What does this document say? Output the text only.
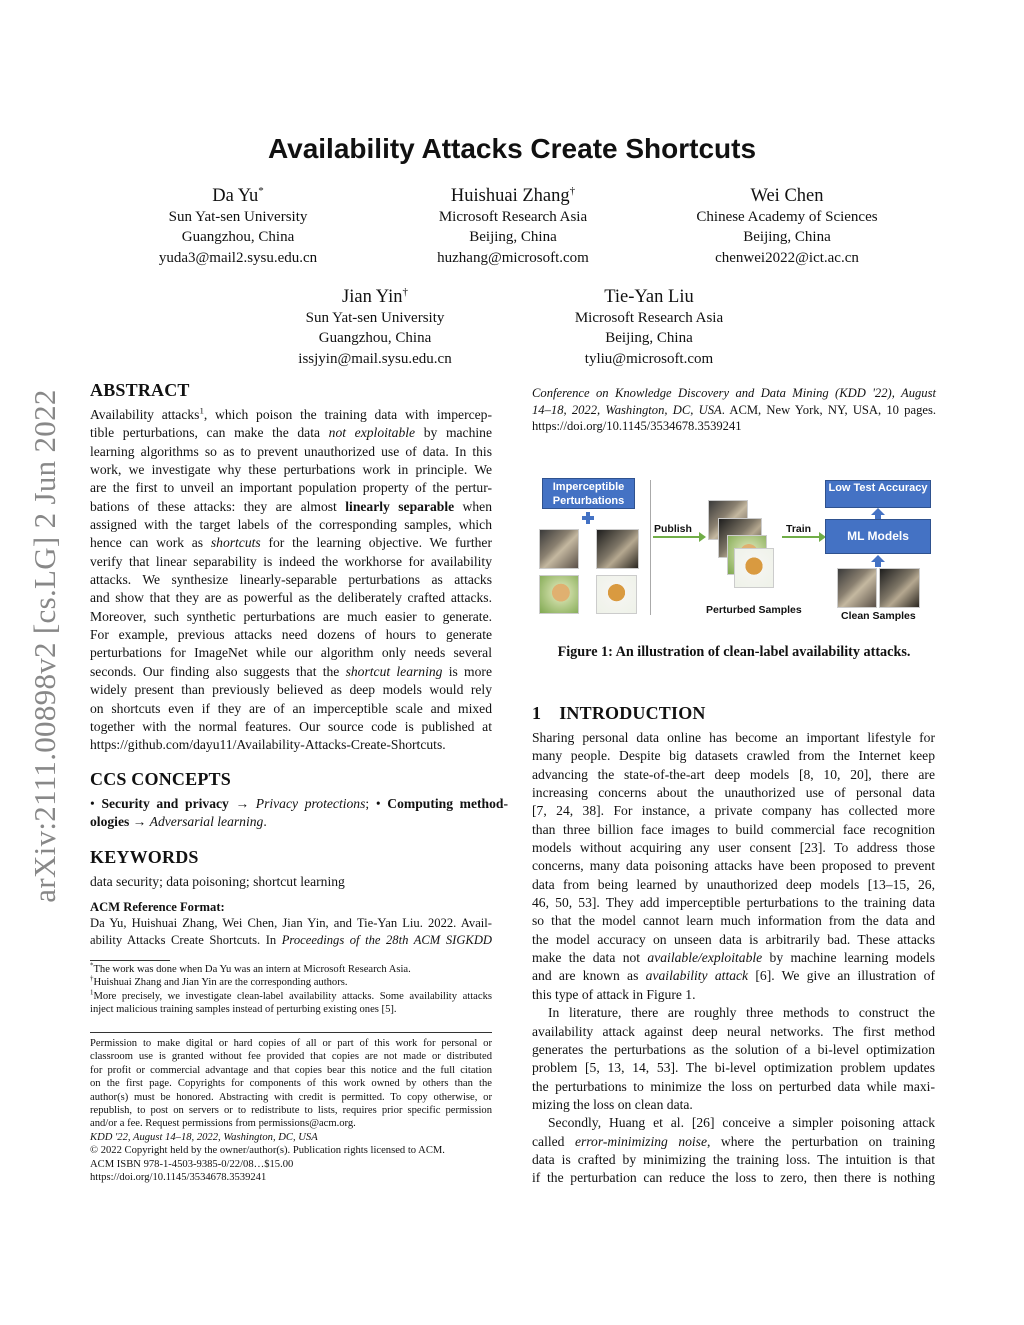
Availability Attacks Create Shortcuts
arXiv:2111.00898v2 [cs.LG] 2 Jun 2022
Da Yu*
Sun Yat-sen University
Guangzhou, China
yuda3@mail2.sysu.edu.cn
Huishuai Zhang†
Microsoft Research Asia
Beijing, China
huzhang@microsoft.com
Wei Chen
Chinese Academy of Sciences
Beijing, China
chenwei2022@ict.ac.cn
Jian Yin†
Sun Yat-sen University
Guangzhou, China
issjyin@mail.sysu.edu.cn
Tie-Yan Liu
Microsoft Research Asia
Beijing, China
tyliu@microsoft.com
ABSTRACT
Availability attacks$^1$, which poison the training data with impercep-
tible perturbations, can make the data not exploitable by machine
learning algorithms so as to prevent unauthorized use of data. In this
work, we investigate why these perturbations work in principle. We
are the first to unveil an important population property of the pertur-
bations of these attacks: they are almost linearly separable when
assigned with the target labels of the corresponding samples, which
hence can work as shortcuts for the learning objective. We further
verify that linear separability is indeed the workhorse for availability
attacks. We synthesize linearly-separable perturbations as attacks
and show that they are as powerful as the deliberately crafted attacks.
Moreover, such synthetic perturbations are much easier to generate.
For example, previous attacks need dozens of hours to generate
perturbations for ImageNet while our algorithm only needs several
seconds. Our finding also suggests that the shortcut learning is more
widely present than previously believed as deep models would rely
on shortcuts even if they are of an imperceptible scale and mixed
together with the normal features. Our source code is published at
https://github.com/dayu11/Availability-Attacks-Create-Shortcuts.
CCS CONCEPTS
• Security and privacy → Privacy protections; • Computing method-
ologies → Adversarial learning.
KEYWORDS
data security; data poisoning; shortcut learning
ACM Reference Format:
Da Yu, Huishuai Zhang, Wei Chen, Jian Yin, and Tie-Yan Liu. 2022. Avail-
ability Attacks Create Shortcuts. In Proceedings of the 28th ACM SIGKDD
*The work was done when Da Yu was an intern at Microsoft Research Asia.
†Huishuai Zhang and Jian Yin are the corresponding authors.
$^1$More precisely, we investigate clean-label availability attacks. Some availability attacks
inject malicious training samples instead of perturbing existing ones [5].
Permission to make digital or hard copies of all or part of this work for personal or
classroom use is granted without fee provided that copies are not made or distributed
for profit or commercial advantage and that copies bear this notice and the full citation
on the first page. Copyrights for components of this work owned by others than the
author(s) must be honored. Abstracting with credit is permitted. To copy otherwise, or
republish, to post on servers or to redistribute to lists, requires prior specific permission
and/or a fee. Request permissions from permissions@acm.org.
KDD '22, August 14–18, 2022, Washington, DC, USA
© 2022 Copyright held by the owner/author(s). Publication rights licensed to ACM.
ACM ISBN 978-1-4503-9385-0/22/08…$15.00
https://doi.org/10.1145/3534678.3539241
Conference on Knowledge Discovery and Data Mining (KDD '22), August
14–18, 2022, Washington, DC, USA. ACM, New York, NY, USA, 10 pages.
https://doi.org/10.1145/3534678.3539241
Imperceptible Perturbations
Publish
Perturbed Samples
Train
Low Test Accuracy
ML Models
Clean Samples
Figure 1: An illustration of clean-label availability attacks.
1 INTRODUCTION
Sharing personal data online has become an important lifestyle for
many people. Despite big datasets crawled from the Internet keep
advancing the state-of-the-art deep models [8, 10, 20], there are
increasing concerns about the unauthorized use of personal data
[7, 24, 38]. For instance, a private company has collected more
than three billion face images to build commercial face recognition
models without acquiring any user consent [23]. To address those
concerns, many data poisoning attacks have been proposed to prevent
data from being learned by unauthorized deep models [13–15, 26,
46, 50, 53]. They add imperceptible perturbations to the training data
so that the model cannot learn much information from the data and
the model accuracy on unseen data is arbitrarily bad. These attacks
make the data not available/exploitable by machine learning models
and are known as availability attack [6]. We give an illustration of
this type of attack in Figure 1.
In literature, there are roughly three methods to construct the
availability attack against deep neural networks. The first method
generates the perturbations as the solution of a bi-level optimization
problem [5, 13, 14, 53]. The bi-level optimization problem updates
the perturbations to minimize the loss on perturbed data while maxi-
mizing the loss on clean data.
Secondly, Huang et al. [26] conceive a simpler poisoning attack
called error-minimizing noise, where the perturbation on training
data is crafted by minimizing the training loss. The intuition is that
if the perturbation can reduce the loss to zero, then there is nothing
